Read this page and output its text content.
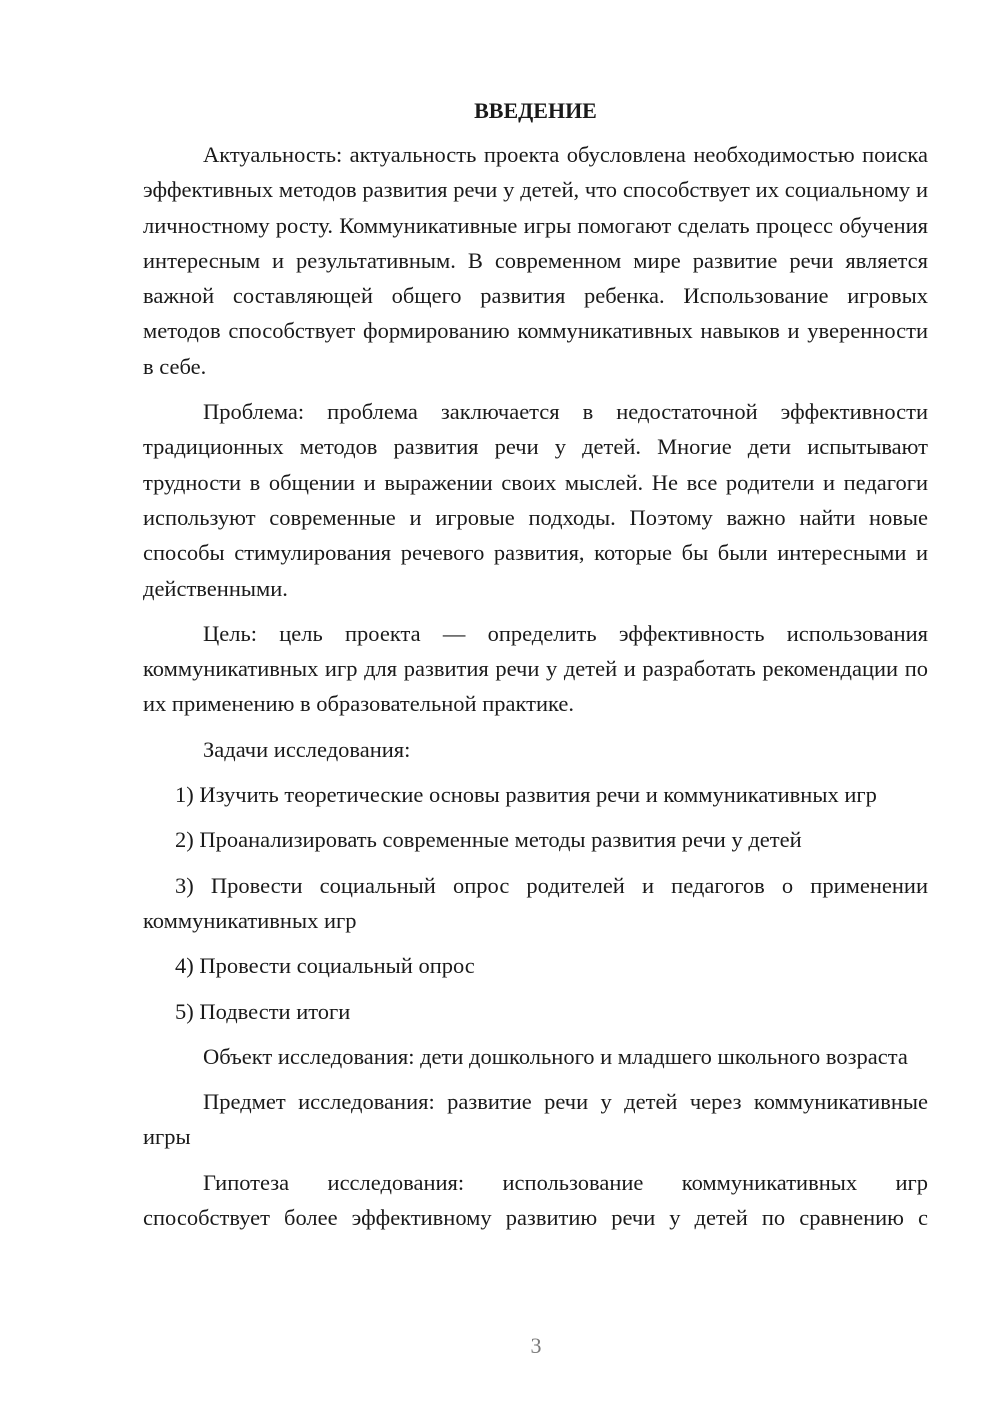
ВВЕДЕНИЕ

Актуальность: актуальность проекта обусловлена необходимостью поиска эффективных методов развития речи у детей, что способствует их социальному и личностному росту. Коммуникативные игры помогают сделать процесс обучения интересным и результативным. В современном мире развитие речи является важной составляющей общего развития ребенка. Использование игровых методов способствует формированию коммуникативных навыков и уверенности в себе.

Проблема: проблема заключается в недостаточной эффективности традиционных методов развития речи у детей. Многие дети испытывают трудности в общении и выражении своих мыслей. Не все родители и педагоги используют современные и игровые подходы. Поэтому важно найти новые способы стимулирования речевого развития, которые бы были интересными и действенными.

Цель: цель проекта — определить эффективность использования коммуникативных игр для развития речи у детей и разработать рекомендации по их применению в образовательной практике.

Задачи исследования:

1) Изучить теоретические основы развития речи и коммуникативных игр

2) Проанализировать современные методы развития речи у детей

3) Провести социальный опрос родителей и педагогов о применении коммуникативных игр

4) Провести социальный опрос

5) Подвести итоги

Объект исследования: дети дошкольного и младшего школьного возраста

Предмет исследования: развитие речи у детей через коммуникативные игры

Гипотеза исследования: использование коммуникативных игр способствует более эффективному развитию речи у детей по сравнению с

3
